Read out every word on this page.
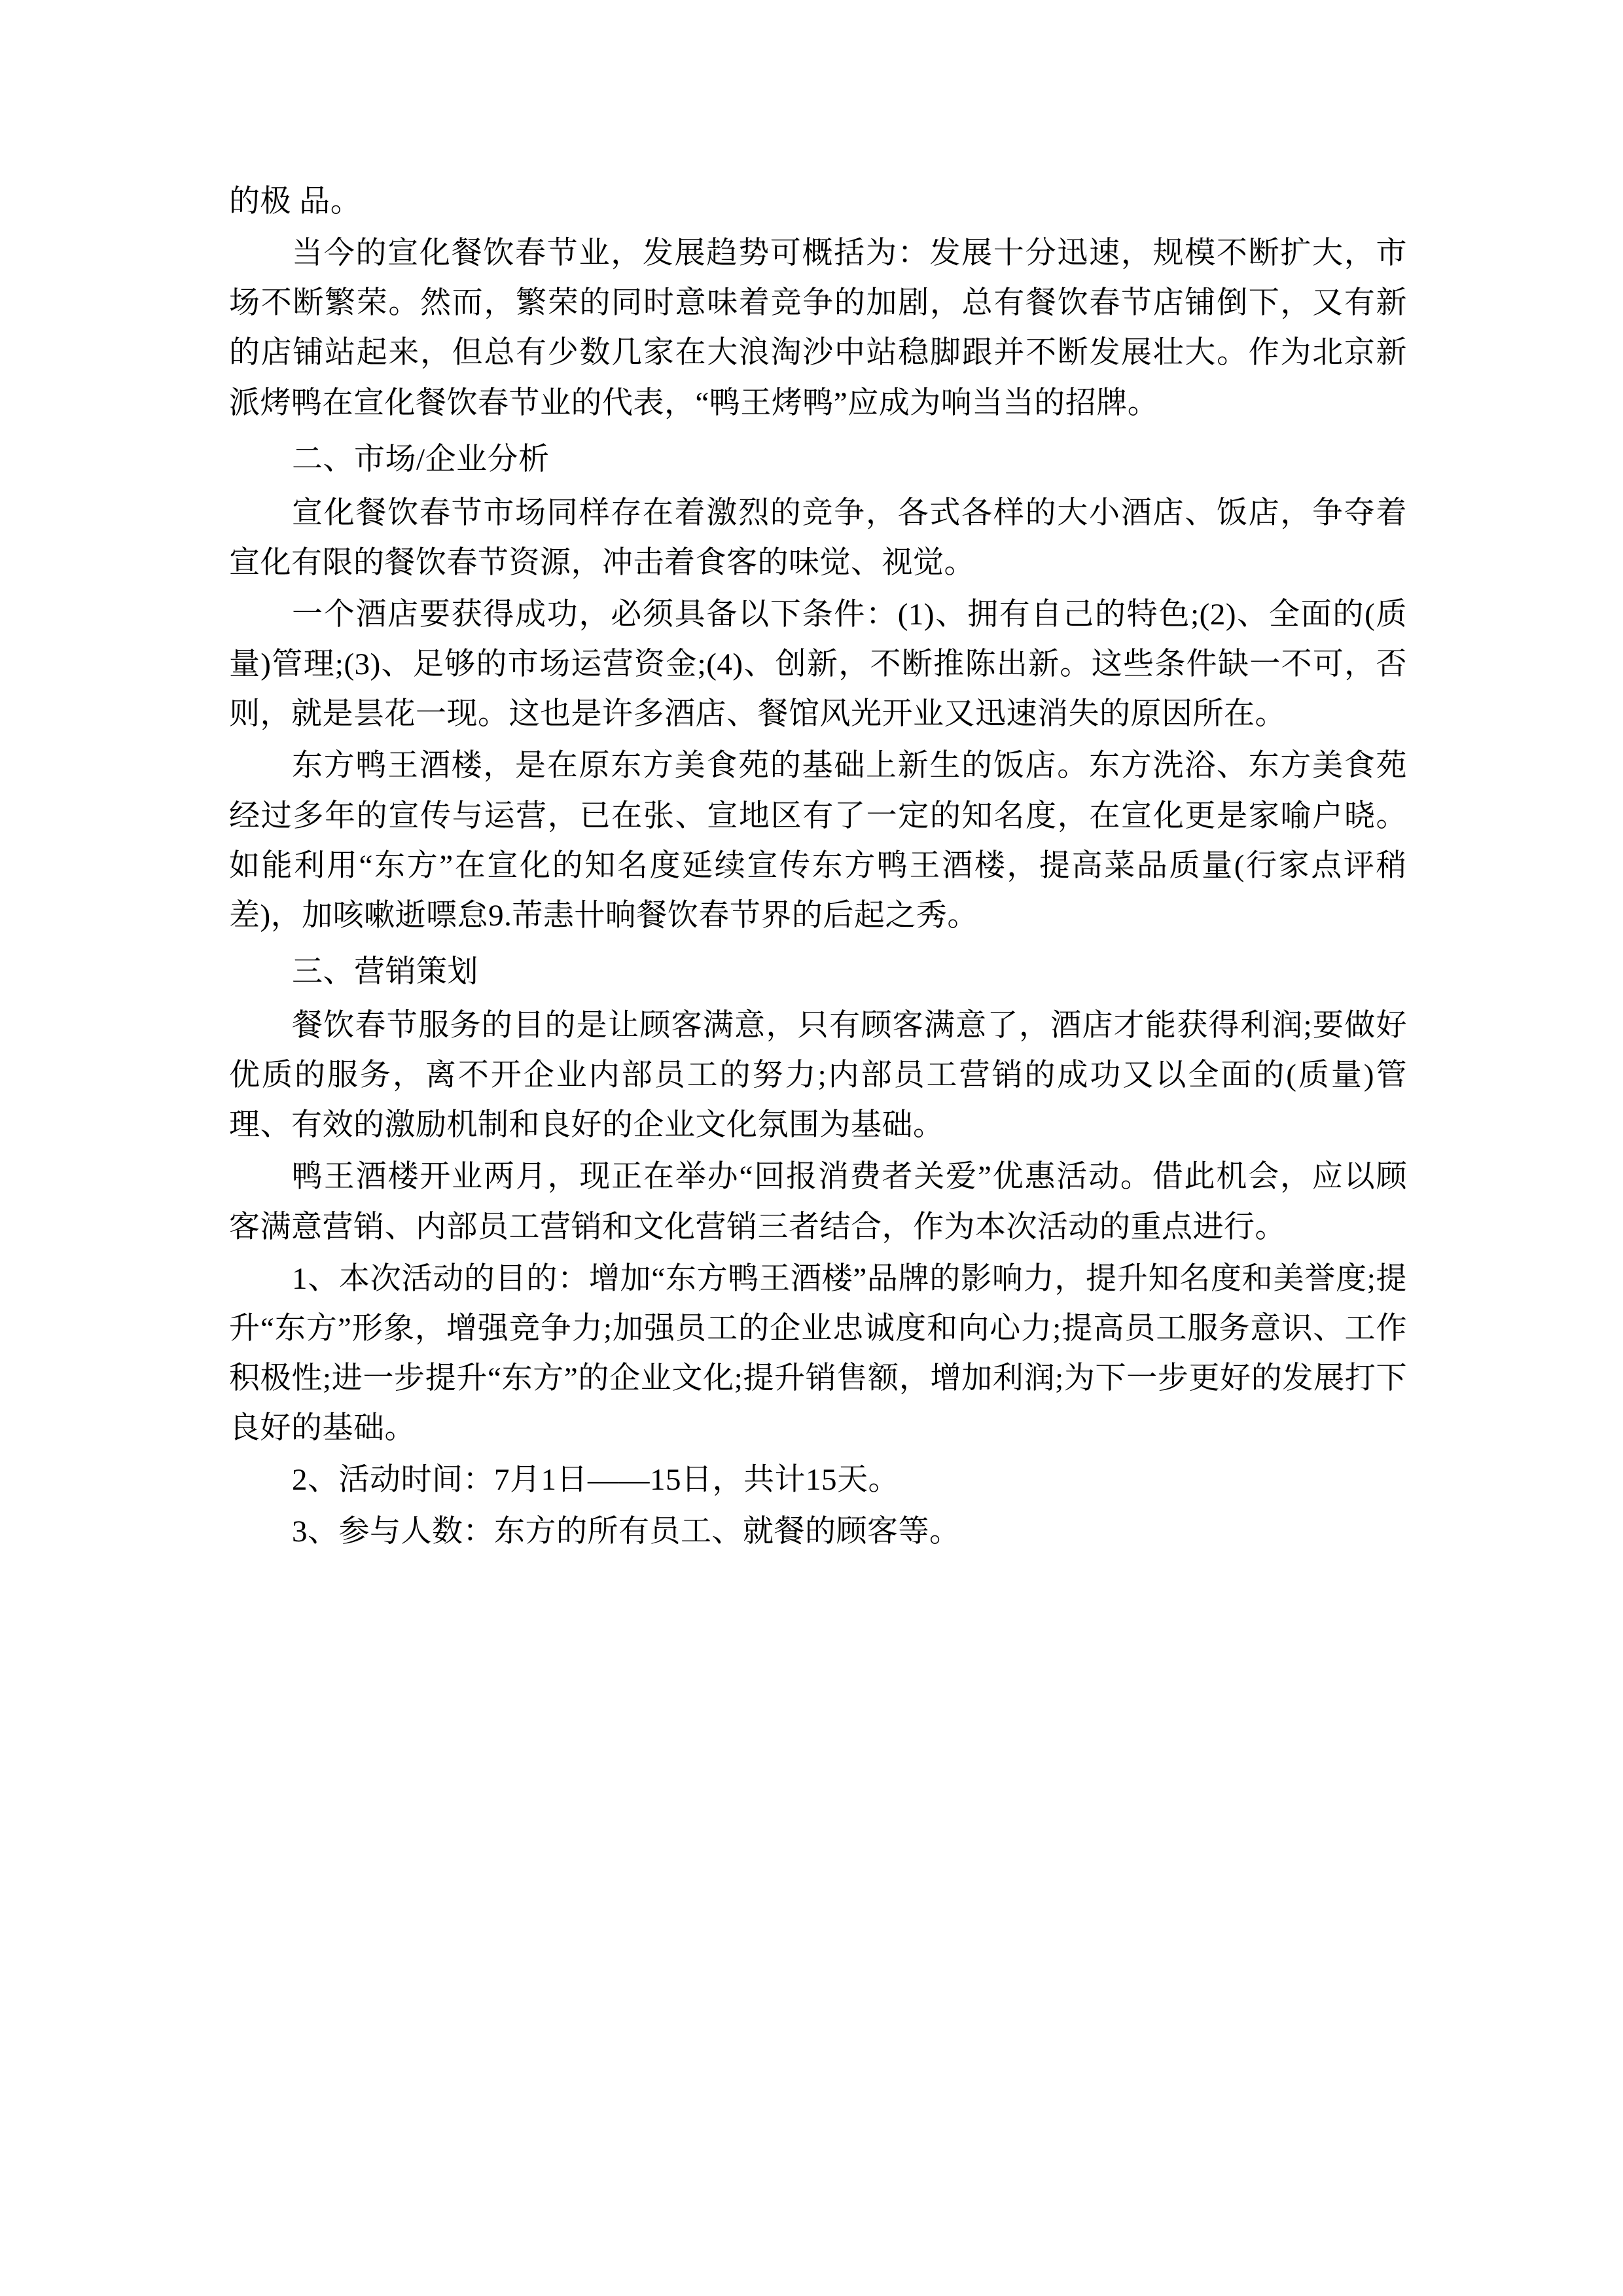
的极 品。

当今的宣化餐饮春节业，发展趋势可概括为：发展十分迅速，规模不断扩大，市场不断繁荣。然而，繁荣的同时意味着竞争的加剧，总有餐饮春节店铺倒下，又有新的店铺站起来，但总有少数几家在大浪淘沙中站稳脚跟并不断发展壮大。作为北京新派烤鸭在宣化餐饮春节业的代表，“鸭王烤鸭”应成为响当当的招牌。

二、市场/企业分析

宣化餐饮春节市场同样存在着激烈的竞争，各式各样的大小酒店、饭店，争夺着宣化有限的餐饮春节资源，冲击着食客的味觉、视觉。

一个酒店要获得成功，必须具备以下条件：(1)、拥有自己的特色;(2)、全面的(质量)管理;(3)、足够的市场运营资金;(4)、创新，不断推陈出新。这些条件缺一不可，否则，就是昙花一现。这也是许多酒店、餐馆风光开业又迅速消失的原因所在。

东方鸭王酒楼，是在原东方美食苑的基础上新生的饭店。东方洗浴、东方美食苑经过多年的宣传与运营，已在张、宣地区有了一定的知名度，在宣化更是家喻户晓。如能利用“东方”在宣化的知名度延续宣传东方鸭王酒楼，提高菜品质量(行家点评稍差)，加咳嗽逝嘌怠9.芾恚卄晌餐饮春节界的后起之秀。

三、营销策划

餐饮春节服务的目的是让顾客满意，只有顾客满意了，酒店才能获得利润;要做好优质的服务，离不开企业内部员工的努力;内部员工营销的成功又以全面的(质量)管理、有效的激励机制和良好的企业文化氛围为基础。

鸭王酒楼开业两月，现正在举办“回报消费者关爱”优惠活动。借此机会，应以顾客满意营销、内部员工营销和文化营销三者结合，作为本次活动的重点进行。

1、本次活动的目的：增加“东方鸭王酒楼”品牌的影响力，提升知名度和美誉度;提升“东方”形象，增强竞争力;加强员工的企业忠诚度和向心力;提高员工服务意识、工作积极性;进一步提升“东方”的企业文化;提升销售额，增加利润;为下一步更好的发展打下良好的基础。

2、活动时间：7月1日——15日，共计15天。

3、参与人数：东方的所有员工、就餐的顾客等。
